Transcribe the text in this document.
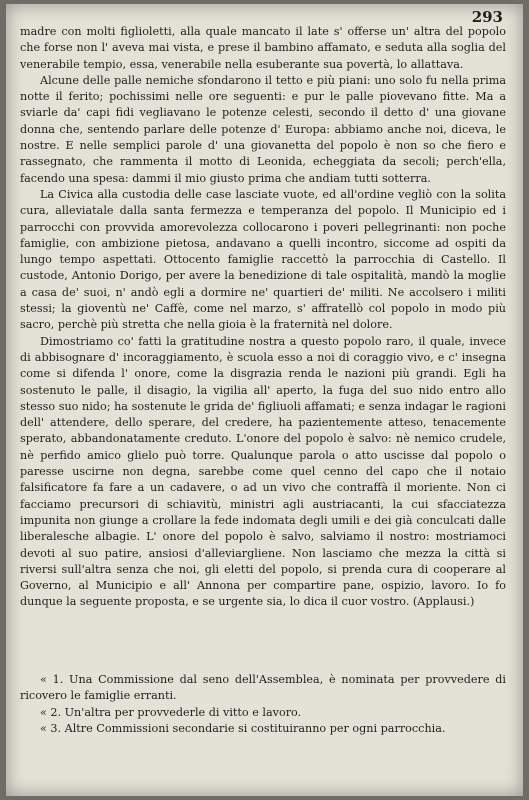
293

madre con molti figlioletti, alla quale mancato il late s' offerse un' altra del popolo che forse non l' aveva mai vista, e prese il bambino affamato, e seduta alla soglia del venerabile tempio, essa, venerabile nella esuberante sua povertà, lo allattava.

Alcune delle palle nemiche sfondarono il tetto e più piani: uno solo fu nella prima notte il ferito; pochissimi nelle ore seguenti: e pur le palle piovevano fitte. Ma a sviarle da' capi fidi vegliavano le potenze celesti, secondo il detto d' una giovane donna che, sentendo parlare delle potenze d' Europa: abbiamo anche noi, diceva, le nostre. E nelle semplici parole d' una giovanetta del popolo è non so che fiero e rassegnato, che rammenta il motto di Leonida, echeggiata da secoli; perch'ella, facendo una spesa: dammi il mio giusto prima che andiam tutti sotterra.

La Civica alla custodia delle case lasciate vuote, ed all'ordine vegliò con la solita cura, alleviatale dalla santa fermezza e temperanza del popolo. Il Municipio ed i parrocchi con provvida amorevolezza collocarono i poveri pellegrinanti: non poche famiglie, con ambizione pietosa, andavano a quelli incontro, siccome ad ospiti da lungo tempo aspettati. Ottocento famiglie raccettò la parrocchia di Castello. Il custode, Antonio Dorigo, per avere la benedizione di tale ospitalità, mandò la moglie a casa de' suoi, n' andò egli a dormire ne' quartieri de' militi. Ne accolsero i militi stessi; la gioventù ne' Caffè, come nel marzo, s' affratellò col popolo in modo più sacro, perchè più stretta che nella gioia è la fraternità nel dolore.

Dimostriamo co' fatti la gratitudine nostra a questo popolo raro, il quale, invece di abbisognare d' incoraggiamento, è scuola esso a noi di coraggio vivo, e c' insegna come si difenda l' onore, come la disgrazia renda le nazioni più grandi. Egli ha sostenuto le palle, il disagio, la vigilia all' aperto, la fuga del suo nido entro allo stesso suo nido; ha sostenute le grida de' figliuoli affamati; e senza indagar le ragioni dell' attendere, dello sperare, del credere, ha pazientemente atteso, tenacemente sperato, abbandonatamente creduto. L'onore del popolo è salvo: nè nemico crudele, nè perfido amico glielo può torre. Qualunque parola o atto uscisse dal popolo o paresse uscirne non degna, sarebbe come quel cenno del capo che il notaio falsificatore fa fare a un cadavere, o ad un vivo che contraffà il moriente. Non ci facciamo precursori di schiavitù, ministri agli austriacanti, la cui sfacciatezza impunita non giunge a crollare la fede indomata degli umili e dei già conculcati dalle liberalesche albagie. L' onore del popolo è salvo, salviamo il nostro: mostriamoci devoti al suo patire, ansiosi d'alleviargliene. Non lasciamo che mezza la città si riversi sull'altra senza che noi, gli eletti del popolo, si prenda cura di cooperare al Governo, al Municipio e all' Annona per compartire pane, ospizio, lavoro. Io fo dunque la seguente proposta, e se urgente sia, lo dica il cuor vostro. (Applausi.)

« 1. Una Commissione dal seno dell'Assemblea, è nominata per provvedere di ricovero le famiglie erranti.

« 2. Un'altra per provvederle di vitto e lavoro.

« 3. Altre Commissioni secondarie si costituiranno per ogni parrocchia.
